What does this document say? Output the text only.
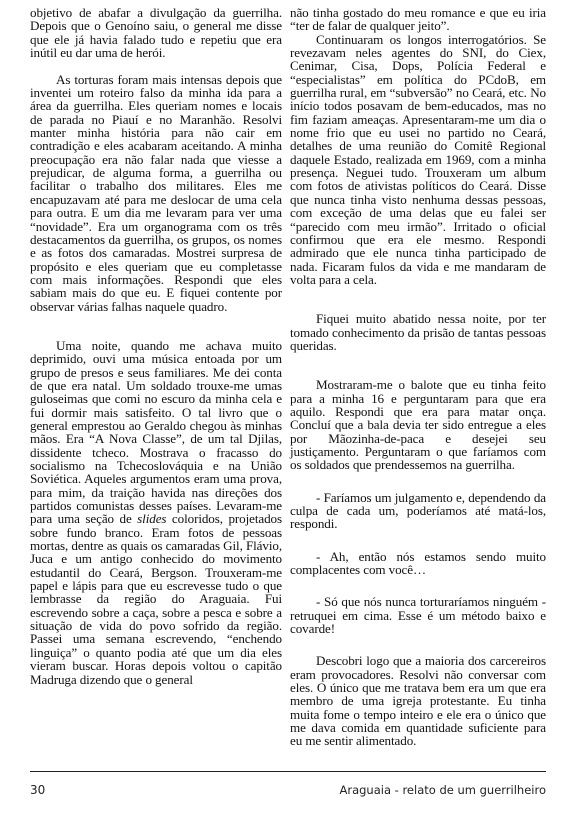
objetivo de abafar a divulgação da guerrilha. Depois que o Genoíno saiu, o general me disse que ele já havia falado tudo e repetiu que era inútil eu dar uma de herói.

As torturas foram mais intensas depois que inventei um roteiro falso da minha ida para a área da guerrilha. Eles queriam nomes e locais de parada no Piauí e no Maranhão. Resolvi manter minha história para não cair em contradição e eles acabaram aceitando. A minha preocupação era não falar nada que viesse a prejudicar, de alguma forma, a guerrilha ou facilitar o trabalho dos militares. Eles me encapuzavam até para me deslocar de uma cela para outra. E um dia me levaram para ver uma “novidade”. Era um organograma com os três destacamentos da guerrilha, os grupos, os nomes e as fotos dos camaradas. Mostrei surpresa de propósito e eles queriam que eu completasse com mais informações. Respondi que eles sabiam mais do que eu. E fiquei contente por observar várias falhas naquele quadro.

Uma noite, quando me achava muito deprimido, ouvi uma música entoada por um grupo de presos e seus familiares. Me dei conta de que era natal. Um soldado trouxe-me umas guloseimas que comi no escuro da minha cela e fui dormir mais satisfeito. O tal livro que o general emprestou ao Geraldo chegou às minhas mãos. Era “A Nova Classe”, de um tal Djilas, dissidente tcheco. Mostrava o fracasso do socialismo na Tchecoslováquia e na União Soviética. Aqueles argumentos eram uma prova, para mim, da traição havida nas direções dos partidos comunistas desses países. Levaram-me para uma seção de slides coloridos, projetados sobre fundo branco. Eram fotos de pessoas mortas, dentre as quais os camaradas Gil, Flávio, Juca e um antigo conhecido do movimento estudantil do Ceará, Bergson. Trouxeram-me papel e lápis para que eu escrevesse tudo o que lembrasse da região do Araguaia. Fui escrevendo sobre a caça, sobre a pesca e sobre a situação de vida do povo sofrido da região. Passei uma semana escrevendo, “enchendo linguiça” o quanto podia até que um dia eles vieram buscar. Horas depois voltou o capitão Madruga dizendo que o general

não tinha gostado do meu romance e que eu iria “ter de falar de qualquer jeito”.

Continuaram os longos interrogatórios. Se revezavam neles agentes do SNI, do Ciex, Cenimar, Cisa, Dops, Polícia Federal e “especialistas” em política do PCdoB, em guerrilha rural, em “subversão” no Ceará, etc. No início todos posavam de bem-educados, mas no fim faziam ameaças. Apresentaram-me um dia o nome frio que eu usei no partido no Ceará, detalhes de uma reunião do Comitê Regional daquele Estado, realizada em 1969, com a minha presença. Neguei tudo. Trouxeram um album com fotos de ativistas políticos do Ceará. Disse que nunca tinha visto nenhuma dessas pessoas, com exceção de uma delas que eu falei ser “parecido com meu irmão”. Irritado o oficial confirmou que era ele mesmo. Respondi admirado que ele nunca tinha participado de nada. Ficaram fulos da vida e me mandaram de volta para a cela.

Fiquei muito abatido nessa noite, por ter tomado conhecimento da prisão de tantas pessoas queridas.

Mostraram-me o balote que eu tinha feito para a minha 16 e perguntaram para que era aquilo. Respondi que era para matar onça. Concluí que a bala devia ter sido entregue a eles por Mãozinha-de-paca e desejei seu justiçamento. Perguntaram o que faríamos com os soldados que prendessemos na guerrilha.

- Faríamos um julgamento e, dependendo da culpa de cada um, poderíamos até matá-los, respondi.

- Ah, então nós estamos sendo muito complacentes com você…

- Só que nós nunca torturaríamos ninguém - retruquei em cima. Esse é um método baixo e covarde!

Descobri logo que a maioria dos carcereiros eram provocadores. Resolvi não conversar com eles. O único que me tratava bem era um que era membro de uma igreja protestante. Eu tinha muita fome o tempo inteiro e ele era o único que me dava comida em quantidade suficiente para eu me sentir alimentado.

30	Araguaia - relato de um guerrilheiro
